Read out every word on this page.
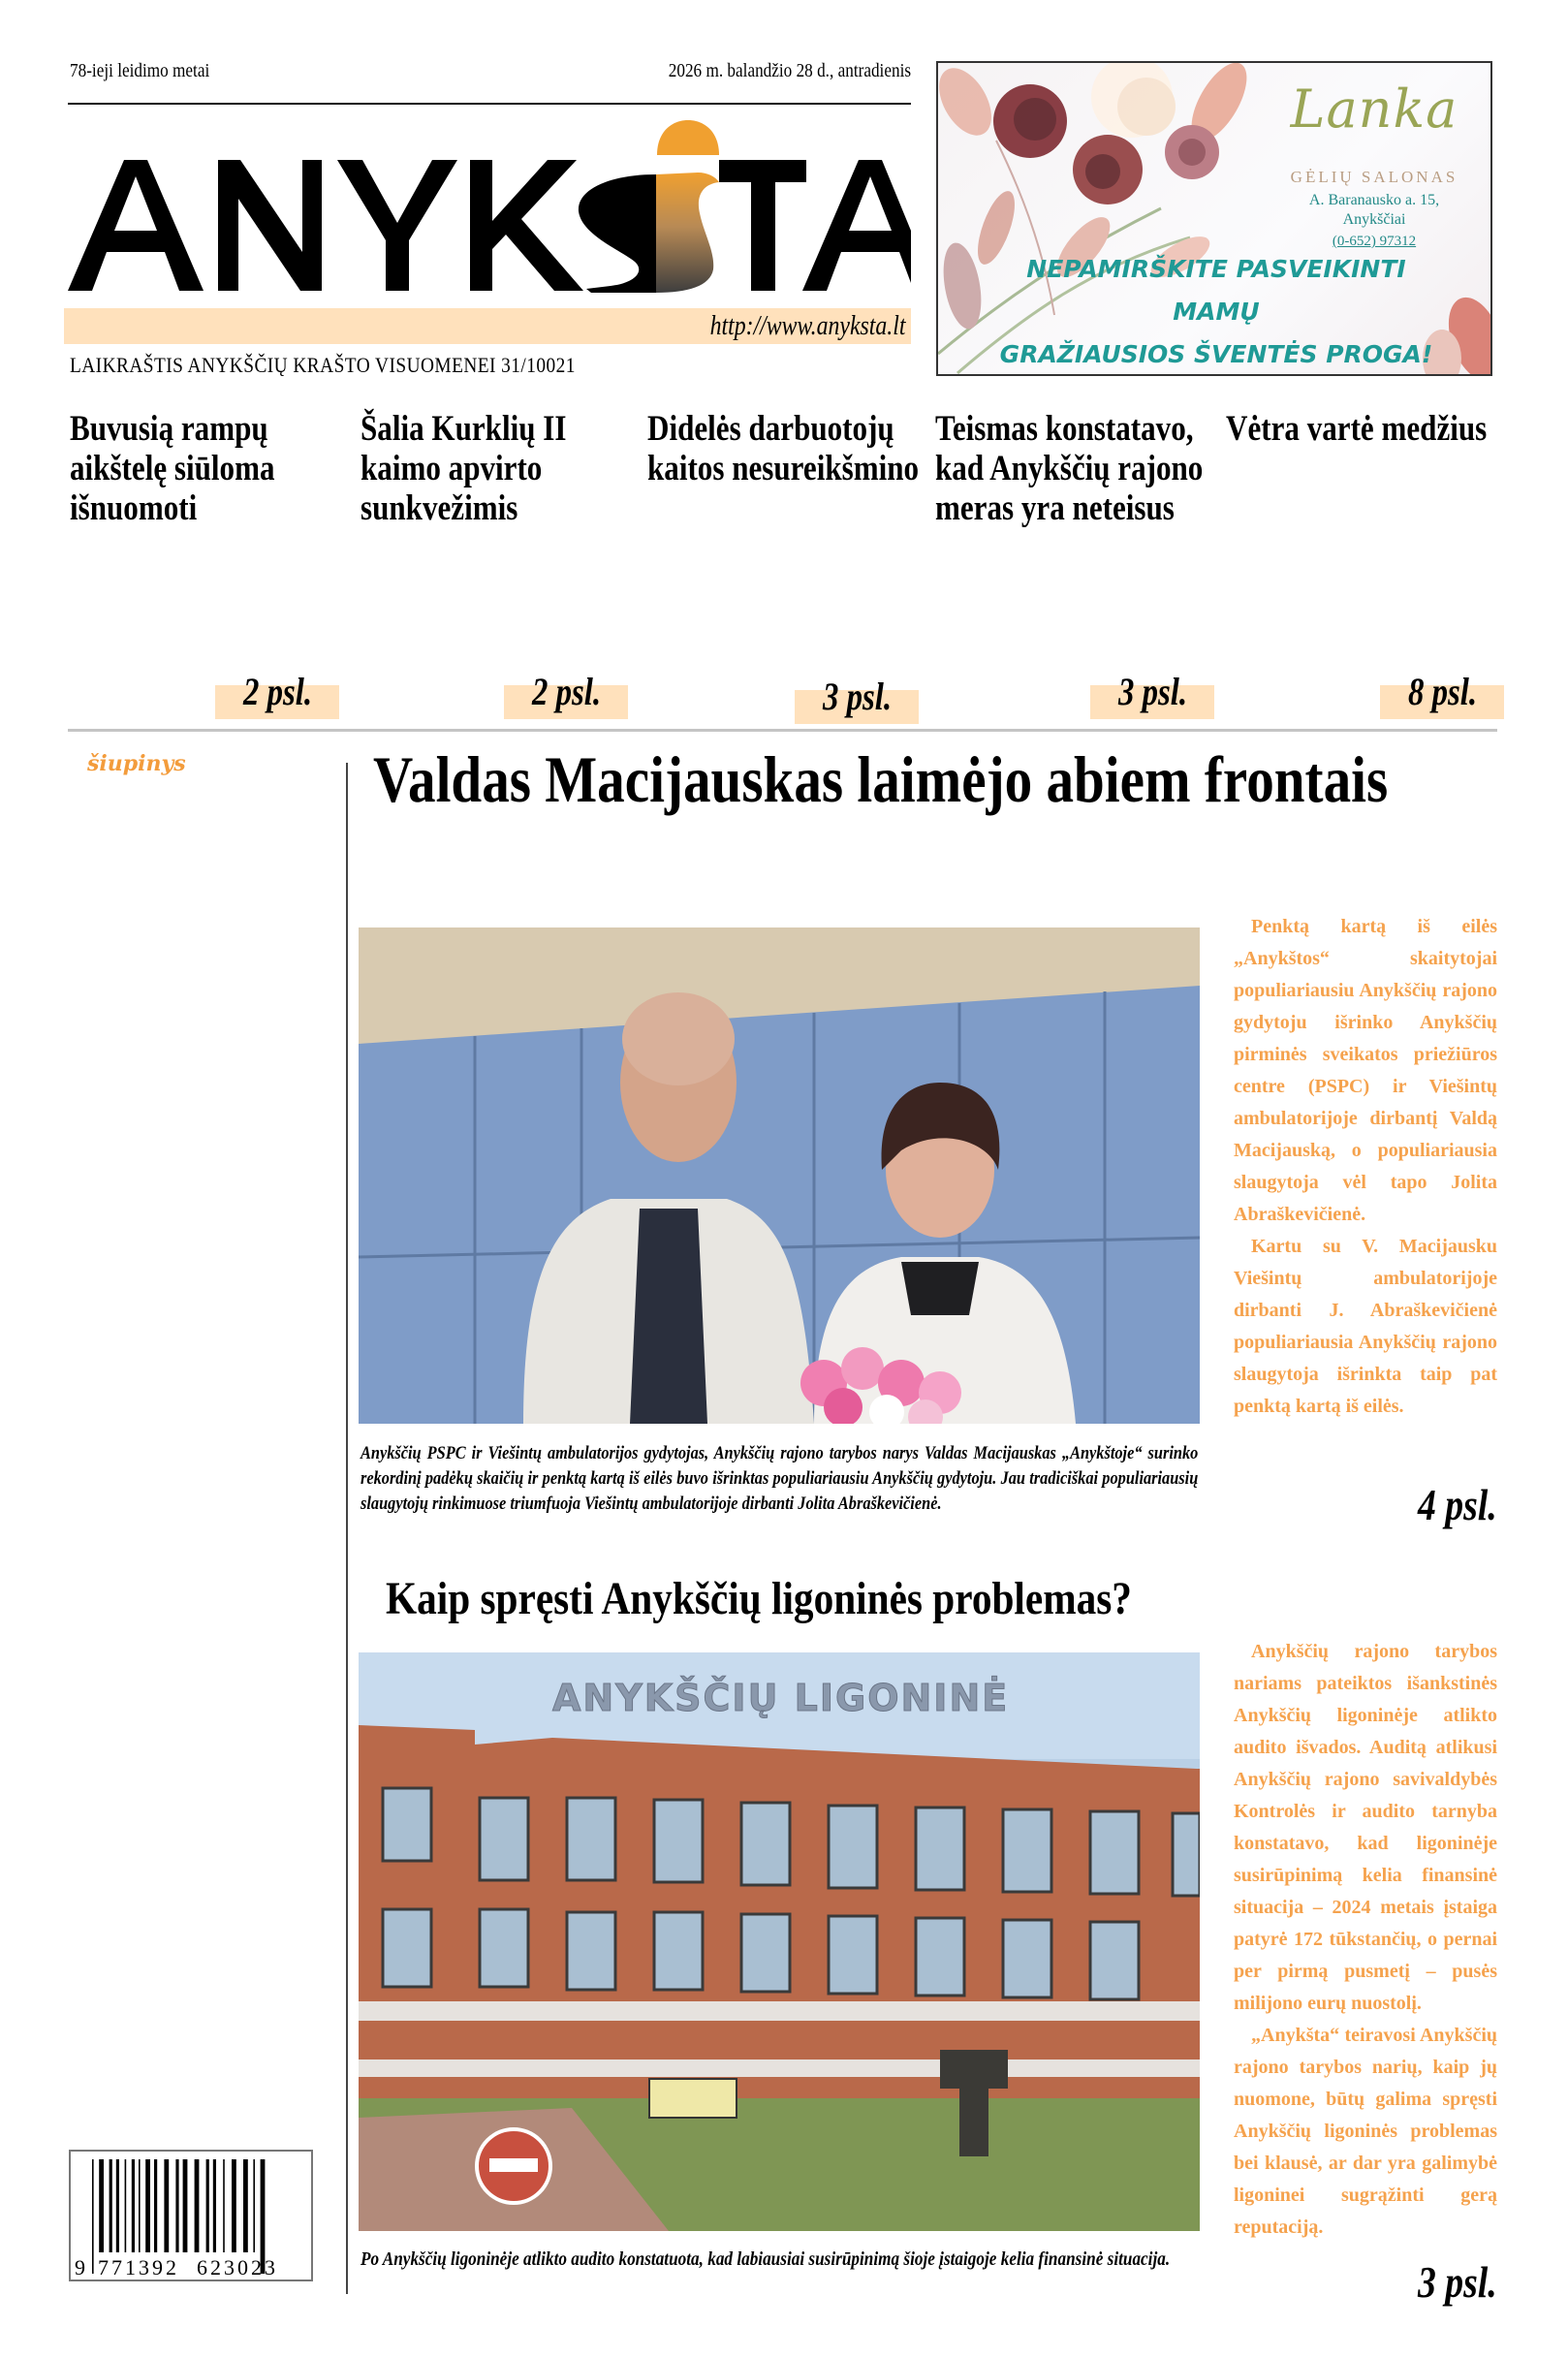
78-ieji leidimo metai	2026 m. balandžio 28 d., antradienis
http://www.anyksta.lt
LAIKRAŠTIS ANYKŠČIŲ KRAŠTO VISUOMENEI 31/10021
Lanka
GĖLIŲ SALONAS
A. Baranausko a. 15,
Anykščiai
(0-652) 97312
NEPAMIRŠKITE PASVEIKINTI
MAMŲ
GRAŽIAUSIOS ŠVENTĖS PROGA!
Buvusią rampų aikštelę siūloma išnuomoti
Šalia Kurklių II kaimo apvirto sunkvežimis
Didelės darbuotojų kaitos nesureikšmino
Teismas konstatavo, kad Anykščių rajono meras yra neteisus
Vėtra vartė medžius
2 psl.	2 psl.	3 psl.	3 psl.	8 psl.
šiupinys	Valdas Macijauskas laimėjo abiem frontais
Anykščių PSPC ir Viešintų ambulatorijos gydytojas, Anykščių rajono tarybos narys Valdas Macijauskas „Anykštoje“ surinko rekordinį padėkų skaičių ir penktą kartą iš eilės buvo išrinktas populiariausiu Anykščių gydytoju. Jau tradiciškai populiariausių slaugytojų rinkimuose triumfuoja Viešintų ambulatorijoje dirbanti Jolita Abraškevičienė.

Penktą kartą iš eilės „Anykštos“ skaitytojai populiariausiu Anykščių rajono gydytoju išrinko Anykščių pirminės sveikatos priežiūros centre (PSPC) ir Viešintų ambulatorijoje dirbantį Valdą Macijauską, o populiariausia slaugytoja vėl tapo Jolita Abraškevičienė.

Kartu su V. Macijausku Viešintų ambulatorijoje dirbanti J. Abraškevičienė populiariausia Anykščių rajono slaugytoja išrinkta taip pat penktą kartą iš eilės.

4 psl.
Kaip spręsti Anykščių ligoninės problemas?
ANYKŠČIŲ LIGONINĖ
Po Anykščių ligoninėje atlikto audito konstatuota, kad labiausiai susirūpinimą šioje įstaigoje kelia finansinė situacija.

Anykščių rajono tarybos nariams pateiktos išankstinės Anykščių ligoninėje atlikto audito išvados. Auditą atlikusi Anykščių rajono savivaldybės Kontrolės ir audito tarnyba konstatavo, kad ligoninėje susirūpinimą kelia finansinė situacija – 2024 metais įstaiga patyrė 172 tūkstančių, o pernai per pirmą pusmetį – pusės milijono eurų nuostolį.

„Anykšta“ teiravosi Anykščių rajono tarybos narių, kaip jų nuomone, būtų galima spręsti Anykščių ligoninės problemas bei klausė, ar dar yra galimybė ligoninei sugrąžinti gerą reputaciją.

3 psl.
9 771392 623023
